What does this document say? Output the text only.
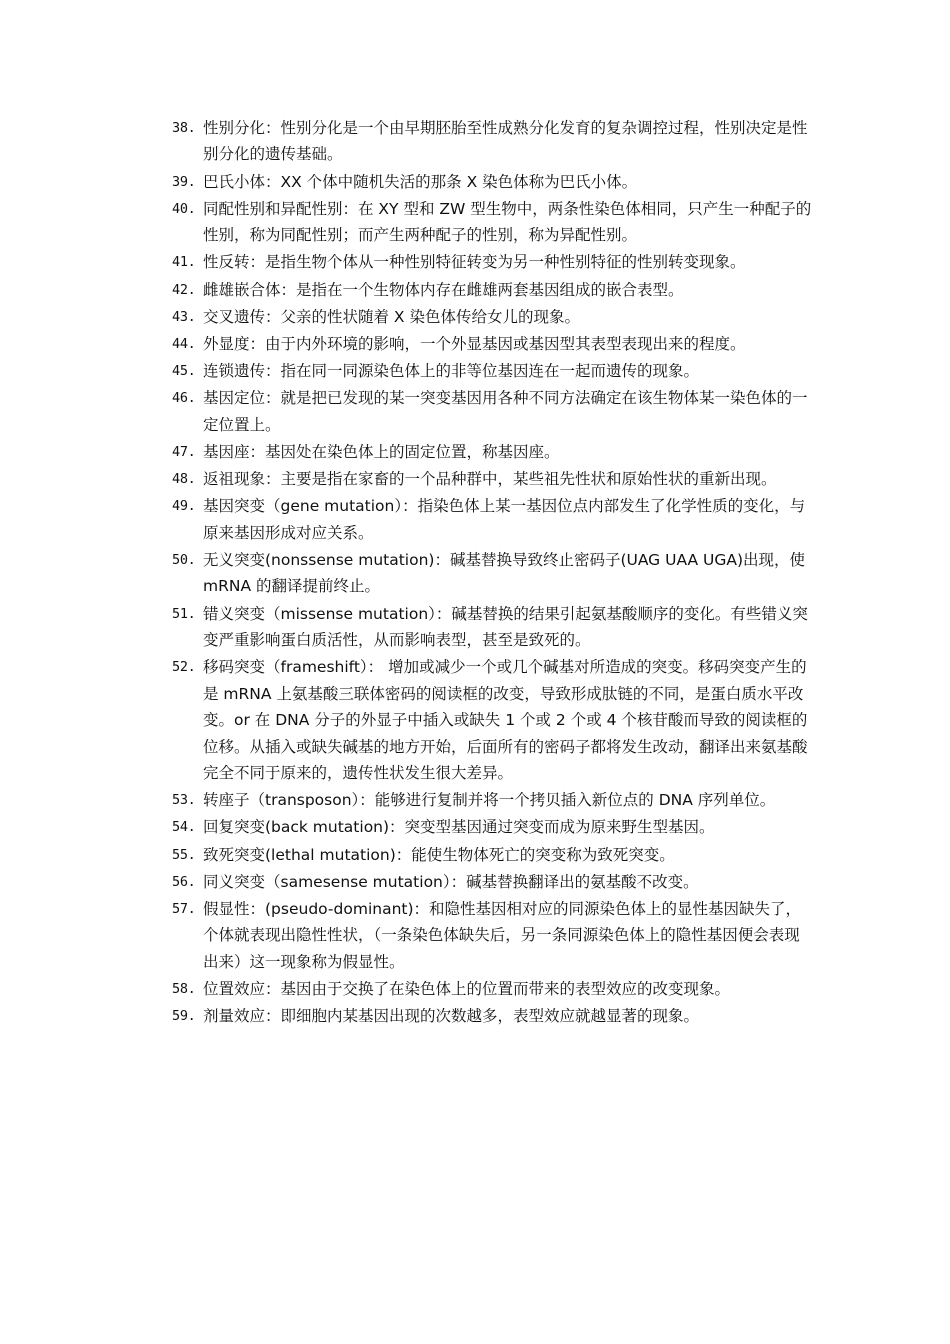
38. 性别分化：性别分化是一个由早期胚胎至性成熟分化发育的复杂调控过程，性别决定是性别分化的遗传基础。
39. 巴氏小体：XX 个体中随机失活的那条 X 染色体称为巴氏小体。
40. 同配性别和异配性别：在 XY 型和 ZW 型生物中，两条性染色体相同，只产生一种配子的性别，称为同配性别；而产生两种配子的性别，称为异配性别。
41. 性反转：是指生物个体从一种性别特征转变为另一种性别特征的性别转变现象。
42. 雌雄嵌合体：是指在一个生物体内存在雌雄两套基因组成的嵌合表型。
43. 交叉遗传：父亲的性状随着 X 染色体传给女儿的现象。
44. 外显度：由于内外环境的影响，一个外显基因或基因型其表型表现出来的程度。
45. 连锁遗传：指在同一同源染色体上的非等位基因连在一起而遗传的现象。
46. 基因定位：就是把已发现的某一突变基因用各种不同方法确定在该生物体某一染色体的一定位置上。
47. 基因座：基因处在染色体上的固定位置，称基因座。
48. 返祖现象：主要是指在家畜的一个品种群中，某些祖先性状和原始性状的重新出现。
49. 基因突变（gene mutation）：指染色体上某一基因位点内部发生了化学性质的变化，与原来基因形成对应关系。
50. 无义突变(nonssense mutation)：碱基替换导致终止密码子(UAG UAA UGA)出现，使 mRNA 的翻译提前终止。
51. 错义突变（missense mutation）：碱基替换的结果引起氨基酸顺序的变化。有些错义突变严重影响蛋白质活性，从而影响表型，甚至是致死的。
52. 移码突变（frameshift）： 增加或减少一个或几个碱基对所造成的突变。移码突变产生的是 mRNA 上氨基酸三联体密码的阅读框的改变，导致形成肽链的不同，是蛋白质水平改变。or 在 DNA 分子的外显子中插入或缺失 1 个或 2 个或 4 个核苷酸而导致的阅读框的位移。从插入或缺失碱基的地方开始，后面所有的密码子都将发生改动，翻译出来氨基酸完全不同于原来的，遗传性状发生很大差异。
53. 转座子（transposon）：能够进行复制并将一个拷贝插入新位点的 DNA 序列单位。
54. 回复突变(back mutation)：突变型基因通过突变而成为原来野生型基因。
55. 致死突变(lethal mutation)：能使生物体死亡的突变称为致死突变。
56. 同义突变（samesense mutation）：碱基替换翻译出的氨基酸不改变。
57. 假显性：(pseudo-dominant)：和隐性基因相对应的同源染色体上的显性基因缺失了，个体就表现出隐性性状，（一条染色体缺失后，另一条同源染色体上的隐性基因便会表现出来）这一现象称为假显性。
58. 位置效应：基因由于交换了在染色体上的位置而带来的表型效应的改变现象。
59. 剂量效应：即细胞内某基因出现的次数越多，表型效应就越显著的现象。
